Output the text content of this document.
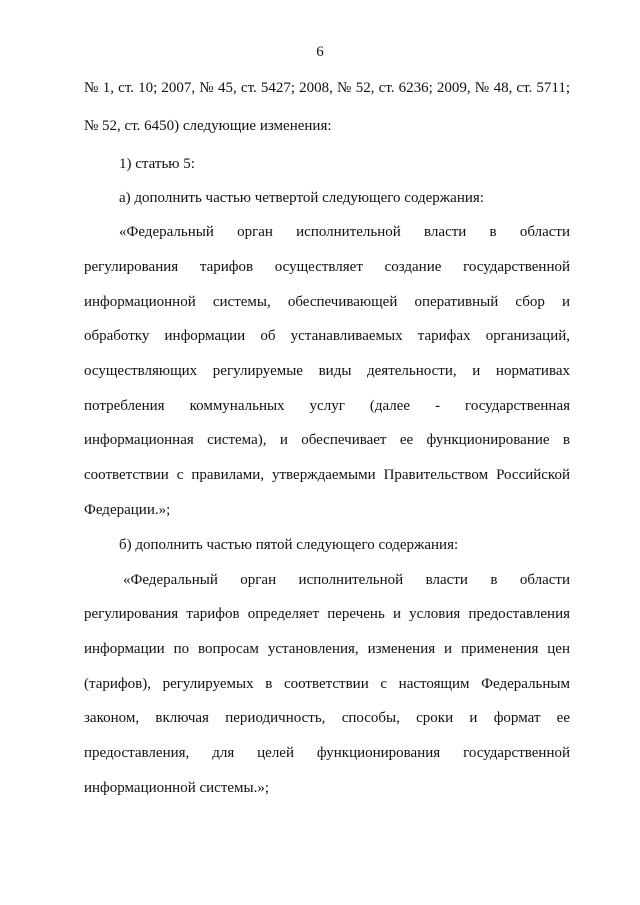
6
№ 1, ст. 10; 2007, № 45, ст. 5427; 2008, № 52, ст. 6236; 2009, № 48, ст. 5711;
№ 52, ст. 6450) следующие изменения:
1) статью 5:
а) дополнить частью четвертой следующего содержания:
«Федеральный орган исполнительной власти в области
регулирования тарифов осуществляет создание государственной
информационной системы, обеспечивающей оперативный сбор и
обработку информации об устанавливаемых тарифах организаций,
осуществляющих регулируемые виды деятельности, и нормативах
потребления коммунальных услуг (далее - государственная
информационная система), и обеспечивает ее функционирование в
соответствии с правилами, утверждаемыми Правительством Российской
Федерации.»;
б) дополнить частью пятой следующего содержания:
«Федеральный орган исполнительной власти в области
регулирования тарифов определяет перечень и условия предоставления
информации по вопросам установления, изменения и применения цен
(тарифов), регулируемых в соответствии с настоящим Федеральным
законом, включая периодичность, способы, сроки и формат ее
предоставления, для целей функционирования государственной
информационной системы.»;
